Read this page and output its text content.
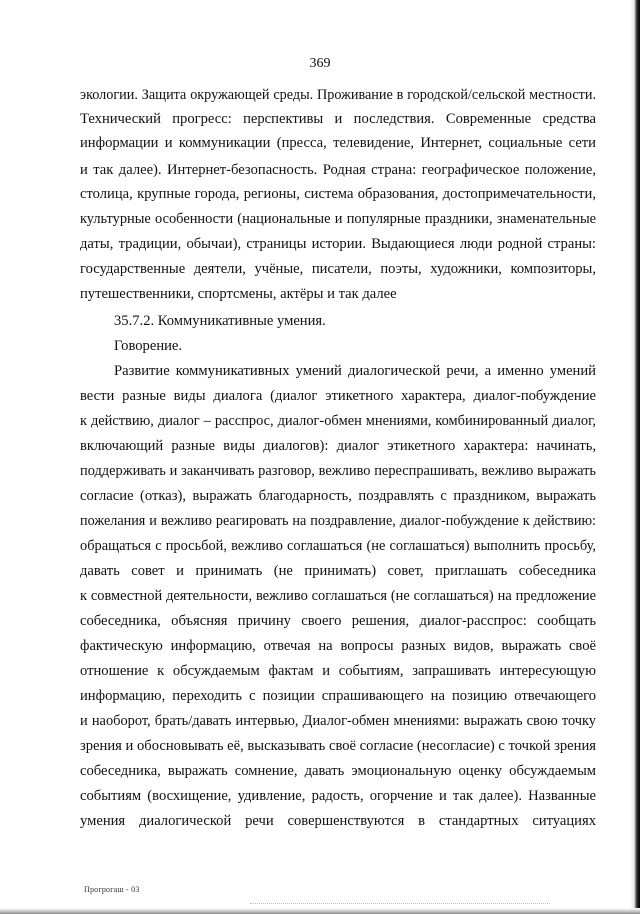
369
экологии. Защита окружающей среды. Проживание в городской/сельской местности.
Технический прогресс: перспективы и последствия. Современные средства
информации и коммуникации (пресса, телевидение, Интернет, социальные сети
и так далее). Интернет-безопасность. Родная страна: географическое положение,
столица, крупные города, регионы, система образования, достопримечательности,
культурные особенности (национальные и популярные праздники, знаменательные
даты, традиции, обычаи), страницы истории. Выдающиеся люди родной страны:
государственные деятели, учёные, писатели, поэты, художники, композиторы,
путешественники, спортсмены, актёры и так далее
35.7.2. Коммуникативные умения.
Говорение.
Развитие коммуникативных умений диалогической речи, а именно умений
вести разные виды диалога (диалог этикетного характера, диалог-побуждение
к действию, диалог – расспрос, диалог-обмен мнениями, комбинированный диалог,
включающий разные виды диалогов): диалог этикетного характера: начинать,
поддерживать и заканчивать разговор, вежливо переспрашивать, вежливо выражать
согласие (отказ), выражать благодарность, поздравлять с праздником, выражать
пожелания и вежливо реагировать на поздравление, диалог-побуждение к действию:
обращаться с просьбой, вежливо соглашаться (не соглашаться) выполнить просьбу,
давать совет и принимать (не принимать) совет, приглашать собеседника
к совместной деятельности, вежливо соглашаться (не соглашаться) на предложение
собеседника, объясняя причину своего решения, диалог-расспрос: сообщать
фактическую информацию, отвечая на вопросы разных видов, выражать своё
отношение к обсуждаемым фактам и событиям, запрашивать интересующую
информацию, переходить с позиции спрашивающего на позицию отвечающего
и наоборот, брать/давать интервью, Диалог-обмен мнениями: выражать свою точку
зрения и обосновывать её, высказывать своё согласие (несогласие) с точкой зрения
собеседника, выражать сомнение, давать эмоциональную оценку обсуждаемым
событиям (восхищение, удивление, радость, огорчение и так далее). Названные
умения диалогической речи совершенствуются в стандартных ситуациях
Прoгрогаш - 03
